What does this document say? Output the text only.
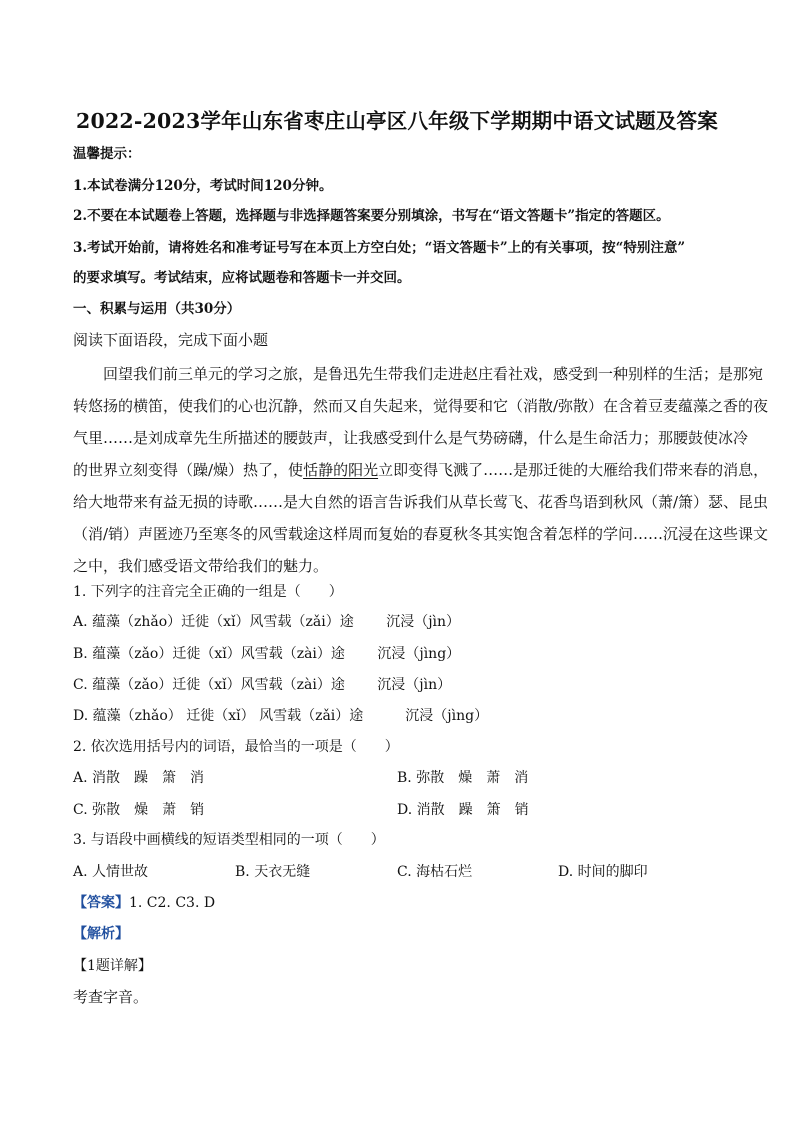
2022-2023学年山东省枣庄山亭区八年级下学期期中语文试题及答案
温馨提示：
1.本试卷满分120分，考试时间120分钟。
2.不要在本试题卷上答题，选择题与非选择题答案要分别填涂，书写在“语文答题卡”指定的答题区。
3.考试开始前，请将姓名和准考证号写在本页上方空白处；“语文答题卡”上的有关事项，按“特别注意”
的要求填写。考试结束，应将试题卷和答题卡一并交回。
一、积累与运用（共30分）
阅读下面语段，完成下面小题
回望我们前三单元的学习之旅，是鲁迅先生带我们走进赵庄看社戏，感受到一种别样的生活；是那宛
转悠扬的横笛，使我们的心也沉静，然而又自失起来，觉得要和它（消散/弥散）在含着豆麦蕴藻之香的夜
气里……是刘成章先生所描述的腰鼓声，让我感受到什么是气势磅礴，什么是生命活力；那腰鼓使冰冷
的世界立刻变得（躁/燥）热了，使恬静的阳光立即变得飞溅了……是那迁徙的大雁给我们带来春的消息，
给大地带来有益无损的诗歌……是大自然的语言告诉我们从草长莺飞、花香鸟语到秋风（萧/箫）瑟、昆虫
（消/销）声匿迹乃至寒冬的风雪载途这样周而复始的春夏秋冬其实饱含着怎样的学问……沉浸在这些课文
之中，我们感受语文带给我们的魅力。
1. 下列字的注音完全正确的一组是（　　）
A. 蕴藻（zhǎo）迁徙（xǐ）风雪载（zǎi）途　　 沉浸（jìn）
B. 蕴藻（zǎo）迁徙（xǐ）风雪载（zài）途　　 沉浸（jìng）
C. 蕴藻（zǎo）迁徙（xǐ）风雪载（zài）途　　 沉浸（jìn）
D. 蕴藻（zhǎo） 迁徙（xǐ） 风雪载（zǎi）途　　　沉浸（jìng）
2. 依次选用括号内的词语，最恰当的一项是（　　）
A. 消散　躁　箫　消	B. 弥散　燥　萧　消
C. 弥散　燥　萧　销	D. 消散　躁　箫　销
3. 与语段中画横线的短语类型相同的一项（　　）
A. 人情世故	B. 天衣无缝	C. 海枯石烂	D. 时间的脚印
【答案】1. C2. C3. D
【解析】
【1题详解】
考查字音。
